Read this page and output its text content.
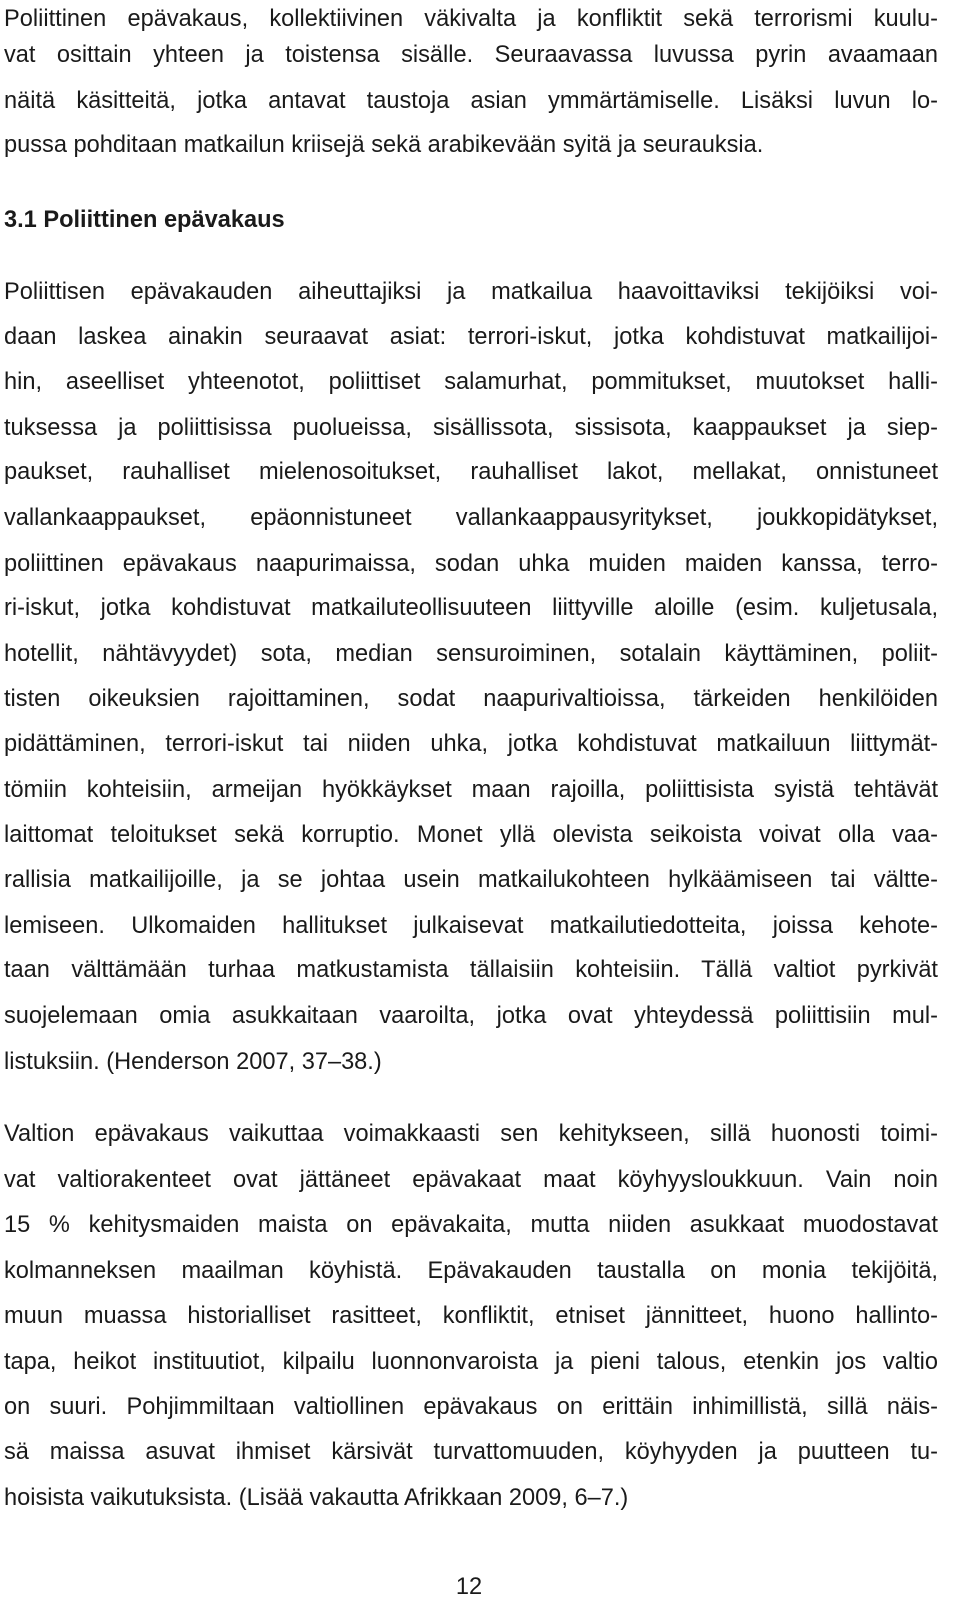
Poliittinen epävakaus, kollektiivinen väkivalta ja konfliktit sekä terrorismi kuulu-
vat osittain yhteen ja toistensa sisälle. Seuraavassa luvussa pyrin avaamaan
näitä käsitteitä, jotka antavat taustoja asian ymmärtämiselle. Lisäksi luvun lo-
pussa pohditaan matkailun kriisejä sekä arabikevään syitä ja seurauksia.
3.1 Poliittinen epävakaus
Poliittisen epävakauden aiheuttajiksi ja matkailua haavoittaviksi tekijöiksi voi-
daan laskea ainakin seuraavat asiat: terrori-iskut, jotka kohdistuvat matkailijoi-
hin, aseelliset yhteenotot, poliittiset salamurhat, pommitukset, muutokset halli-
tuksessa ja poliittisissa puolueissa, sisällissota, sissisota, kaappaukset ja siep-
paukset, rauhalliset mielenosoitukset, rauhalliset lakot, mellakat, onnistuneet
vallankaappaukset, epäonnistuneet vallankaappausyritykset, joukkopidätykset,
poliittinen epävakaus naapurimaissa, sodan uhka muiden maiden kanssa, terro-
ri-iskut, jotka kohdistuvat matkailuteollisuuteen liittyville aloille (esim. kuljetusala,
hotellit, nähtävyydet) sota, median sensuroiminen, sotalain käyttäminen, poliit-
tisten oikeuksien rajoittaminen, sodat naapurivaltioissa, tärkeiden henkilöiden
pidättäminen, terrori-iskut tai niiden uhka, jotka kohdistuvat matkailuun liittymät-
tömiin kohteisiin, armeijan hyökkäykset maan rajoilla, poliittisista syistä tehtävät
laittomat teloitukset sekä korruptio. Monet yllä olevista seikoista voivat olla vaa-
rallisia matkailijoille, ja se johtaa usein matkailukohteen hylkäämiseen tai vältte-
lemiseen. Ulkomaiden hallitukset julkaisevat matkailutiedotteita, joissa kehote-
taan välttämään turhaa matkustamista tällaisiin kohteisiin. Tällä valtiot pyrkivät
suojelemaan omia asukkaitaan vaaroilta, jotka ovat yhteydessä poliittisiin mul-
listuksiin. (Henderson 2007, 37–38.)
Valtion epävakaus vaikuttaa voimakkaasti sen kehitykseen, sillä huonosti toimi-
vat valtiorakenteet ovat jättäneet epävakaat maat köyhyysloukkuun. Vain noin
15 % kehitysmaiden maista on epävakaita, mutta niiden asukkaat muodostavat
kolmanneksen maailman köyhistä. Epävakauden taustalla on monia tekijöitä,
muun muassa historialliset rasitteet, konfliktit, etniset jännitteet, huono hallinto-
tapa, heikot instituutiot, kilpailu luonnonvaroista ja pieni talous, etenkin jos valtio
on suuri. Pohjimmiltaan valtiollinen epävakaus on erittäin inhimillistä, sillä näis-
sä maissa asuvat ihmiset kärsivät turvattomuuden, köyhyyden ja puutteen tu-
hoisista vaikutuksista. (Lisää vakautta Afrikkaan 2009, 6–7.)
12
